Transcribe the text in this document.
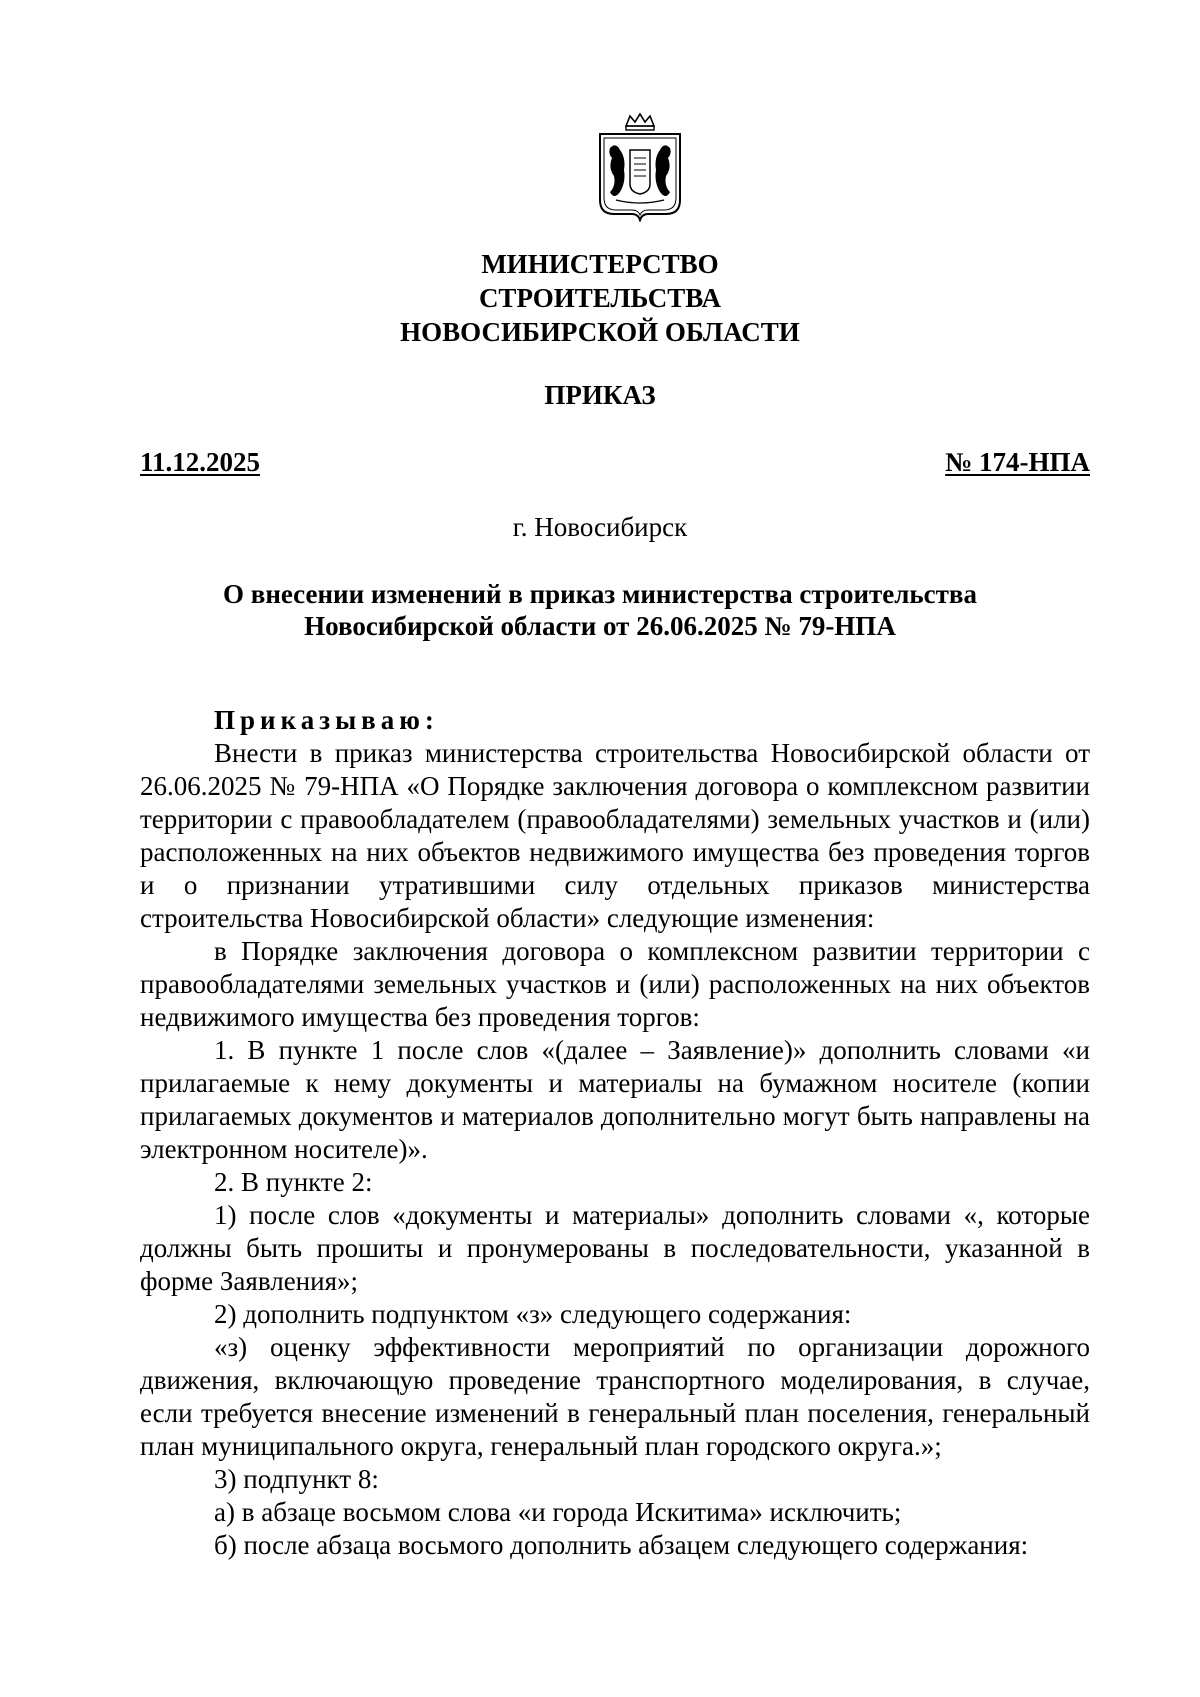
МИНИСТЕРСТВО
СТРОИТЕЛЬСТВА
НОВОСИБИРСКОЙ ОБЛАСТИ
ПРИКАЗ
11.12.2025	№ 174-НПА
г. Новосибирск
О внесении изменений в приказ министерства строительства
Новосибирской области от 26.06.2025 № 79-НПА

Приказываю:

Внести в приказ министерства строительства Новосибирской области от 26.06.2025 № 79-НПА «О Порядке заключения договора о комплексном развитии территории с правообладателем (правообладателями) земельных участков и (или) расположенных на них объектов недвижимого имущества без проведения торгов и о признании утратившими силу отдельных приказов министерства строительства Новосибирской области» следующие изменения:

в Порядке заключения договора о комплексном развитии территории с правообладателями земельных участков и (или) расположенных на них объектов недвижимого имущества без проведения торгов:

1. В пункте 1 после слов «(далее – Заявление)» дополнить словами «и прилагаемые к нему документы и материалы на бумажном носителе (копии прилагаемых документов и материалов дополнительно могут быть направлены на электронном носителе)».

2. В пункте 2:

1) после слов «документы и материалы» дополнить словами «, которые должны быть прошиты и пронумерованы в последовательности, указанной в форме Заявления»;

2) дополнить подпунктом «з» следующего содержания:

«з) оценку эффективности мероприятий по организации дорожного движения, включающую проведение транспортного моделирования, в случае, если требуется внесение изменений в генеральный план поселения, генеральный план муниципального округа, генеральный план городского округа.»;

3) подпункт 8:

а) в абзаце восьмом слова «и города Искитима» исключить;

б) после абзаца восьмого дополнить абзацем следующего содержания:
